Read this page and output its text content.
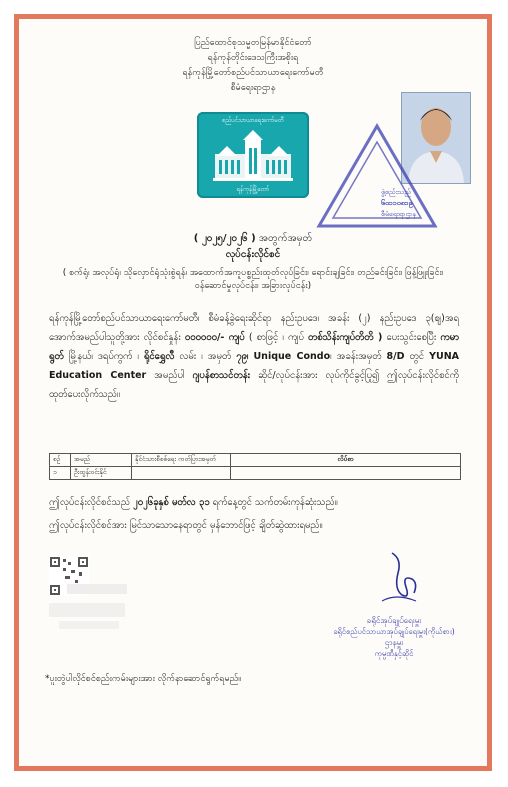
ပြည်ထောင်စုသမ္မတမြန်မာနိုင်ငံတော်
ရန်ကုန်တိုင်းဒေသကြီးအစိုးရ
ရန်ကုန်မြို့တော်စည်ပင်သာယာရေးကော်မတီ
စီမံရေးရာဌာန
စည်ပင်သာယာရေးကော်မတီ
ရန်ကုန်မြို့တော်	ဖွဲ့စည်းသည်
၆၀၁၁၀၈၁၉
စီမံရေးရာဌာန
( ၂၀၂၅/၂၀၂၆ ) အတွက်အမှတ်
လုပ်ငန်းလိုင်စင်
( စက်ရုံ၊ အလုပ်ရုံ၊ သိုလှောင်ရုံသုံးစွဲရန်၊ အထောက်အကူပစ္စည်းထုတ်လုပ်ခြင်း၊ ရောင်းချခြင်း၊ တည်ခင်းခြင်း၊ ဖြန့်ဖြူးခြင်း၊ ဝန်ဆောင်မှုလုပ်ငန်း၊ အခြားလုပ်ငန်း)
ရန်ကုန်မြို့တော်စည်ပင်သာယာရေးကော်မတီ၊ စီမံခန့်ခွဲရေးဆိုင်ရာ နည်းဥပဒေ၊ အခန်း (၂) နည်းဥပဒေ ၃(ဈ)အရ အောက်အမည်ပါသူတို့အား လိုင်စင်နှုန်း ၀၀၀၀၀၀/- ကျပ် ( စာဖြင့် ၊ ကျပ် တစ်သိန်းကျပ်တိတိ ) ပေးသွင်းစေပြီး ကမာရွတ် မြို့နယ်၊ ဒရပ်ကွက် ၊ ရိုင်ရွှေလီ လမ်း ၊ အမှတ် ၇၉၊ Unique Condo၊ အခန်းအမှတ် 8/D တွင် YUNA Education Center အမည်ပါ ဂျပန်စာသင်တန်း ဆိုင်/လုပ်ငန်းအား လုပ်ကိုင်ခွင့်ပြု၍ ဤလုပ်ငန်းလိုင်စင်ကို ထုတ်ပေးလိုက်သည်။
စဉ်	အမည်	နိုင်ငံသားစီစစ်ရေး ကတ်ပြားအမှတ်	လိပ်စာ
၁	ဦးထွန်းဝင်းနိုင်		
ဤလုပ်ငန်းလိုင်စင်သည် ၂၀၂၆ခုနှစ် မတ်လ ၃၁ ရက်နေ့တွင် သက်တမ်းကုန်ဆုံးသည်။
ဤလုပ်ငန်းလိုင်စင်အား မြင်သာသောနေရာတွင် မှန်ဘောင်ဖြင့် ချိတ်ဆွဲထားရမည်။
ခရိုင်အုပ်ချုပ်ရေးမှူး
ခရိုင်စည်ပင်သာယာအုပ်ချုပ်ရေးမှူး(ကိုယ်စား)
ဌာနမှူး
ကုမ္ပဏီနှင့်ဆိုင်
*ပူးတွဲပါလိုင်စင်စည်းကမ်းများအား လိုက်နာဆောင်ရွက်ရမည်။
